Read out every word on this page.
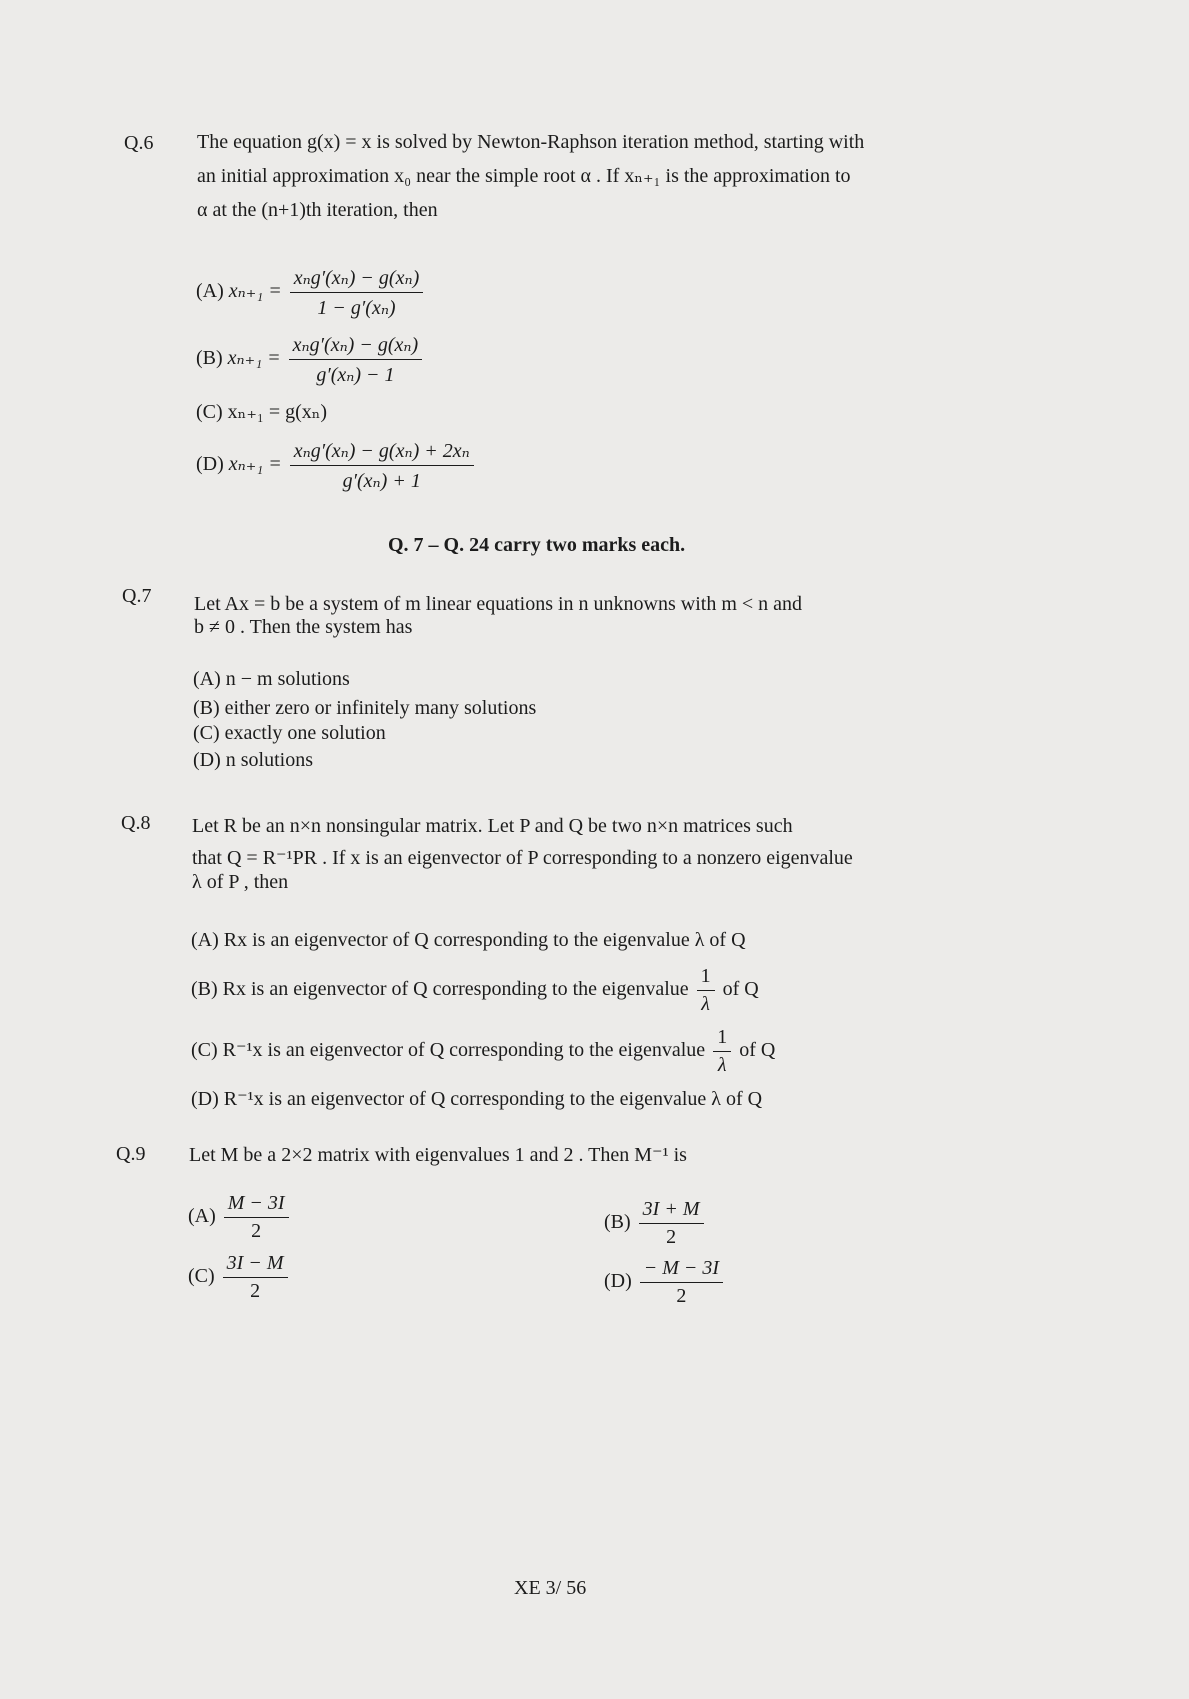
Q.6 The equation g(x) = x is solved by Newton-Raphson iteration method, starting with
an initial approximation x₀ near the simple root α . If xₙ₊₁ is the approximation to
α at the (n+1)th iteration, then
(A) $x_{n+1} = \frac{\text{xₙg′(xₙ) − g(xₙ)}}{\text{1 − g′(xₙ)}}$
(B) $x_{n+1} = \frac{\text{xₙg′(xₙ) − g(xₙ)}}{\text{g′(xₙ) − 1}}$
(C) xₙ₊₁ = g(xₙ)
(D) $x_{n+1} = \frac{\text{xₙg′(xₙ) − g(xₙ) + 2xₙ}}{\text{g′(xₙ) + 1}}$
Q. 7 – Q. 24 carry two marks each.
Q.7 Let Ax = b be a system of m linear equations in n unknowns with m < n and
b ≠ 0 . Then the system has
(A) n − m solutions
(B) either zero or infinitely many solutions
(C) exactly one solution
(D) n solutions
Q.8 Let R be an n×n nonsingular matrix. Let P and Q be two n×n matrices such
that Q = R⁻¹PR . If x is an eigenvector of P corresponding to a nonzero eigenvalue
λ of P , then
(A) Rx is an eigenvector of Q corresponding to the eigenvalue λ of Q
(B) Rx is an eigenvector of Q corresponding to the eigenvalue $\frac{1}{\lambda}$ of Q
(C) R⁻¹x is an eigenvector of Q corresponding to the eigenvalue $\frac{1}{\lambda}$ of Q
(D) R⁻¹x is an eigenvector of Q corresponding to the eigenvalue λ of Q
Q.9 Let M be a 2×2 matrix with eigenvalues 1 and 2 . Then M⁻¹ is
$(A) \frac{M - 3I}{2}$	$(B) \frac{3I + M}{2}$
$(C) \frac{3I - M}{2}$	$(D) \frac{- M - 3I}{2}$
XE 3/ 56
